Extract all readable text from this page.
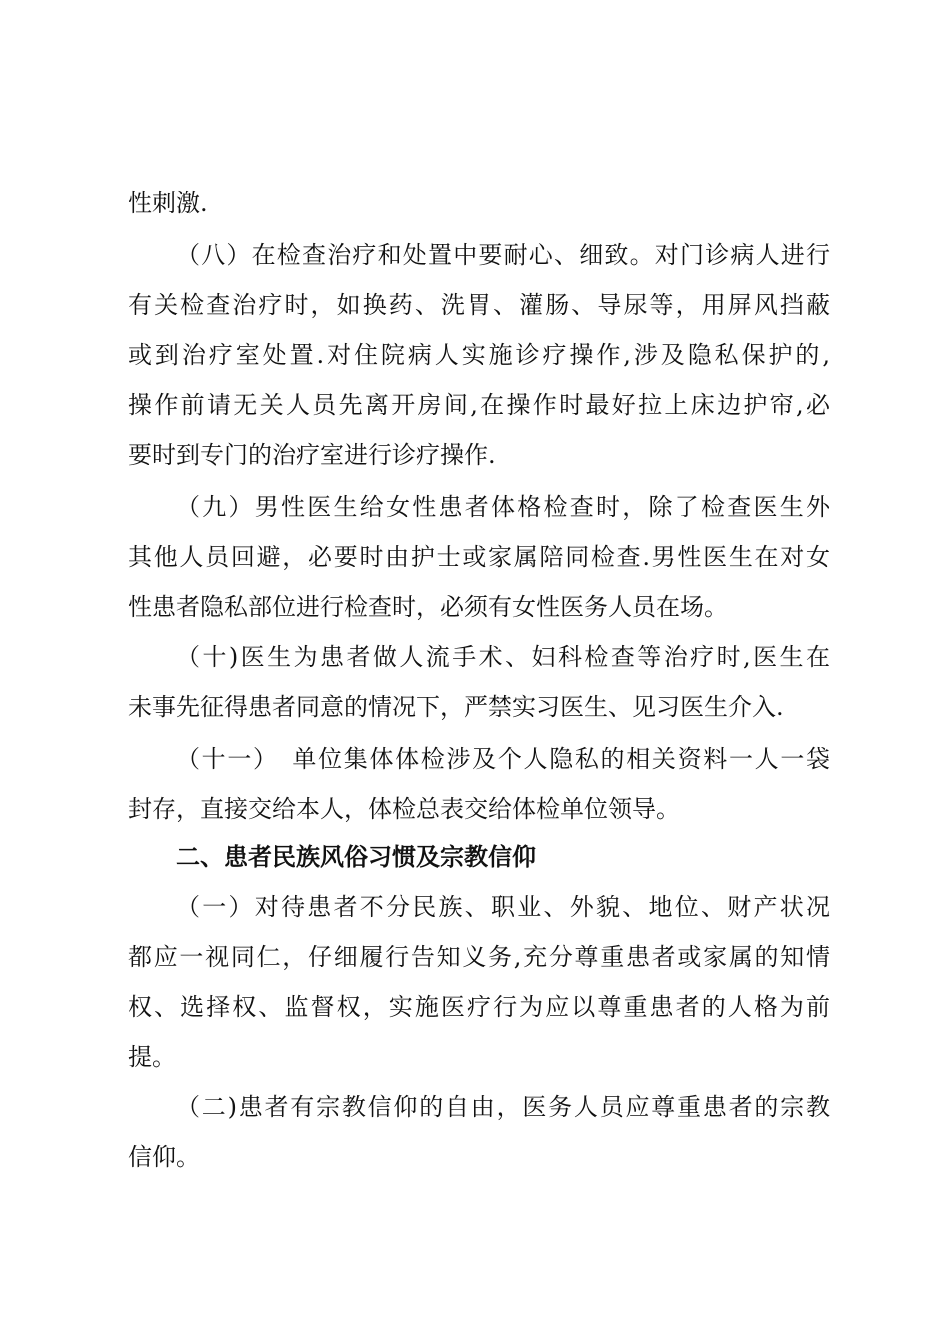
性刺激.
（八）在检查治疗和处置中要耐心、细致。对门诊病人进行
有关检查治疗时，如换药、洗胃、灌肠、导尿等，用屏风挡蔽
或到治疗室处置.对住院病人实施诊疗操作,涉及隐私保护的,
操作前请无关人员先离开房间,在操作时最好拉上床边护帘,必
要时到专门的治疗室进行诊疗操作.
（九）男性医生给女性患者体格检查时，除了检查医生外
其他人员回避，必要时由护士或家属陪同检查.男性医生在对女
性患者隐私部位进行检查时，必须有女性医务人员在场。
（十)医生为患者做人流手术、妇科检查等治疗时,医生在
未事先征得患者同意的情况下，严禁实习医生、见习医生介入.
（十一）　单位集体体检涉及个人隐私的相关资料一人一袋
封存，直接交给本人，体检总表交给体检单位领导。
二、患者民族风俗习惯及宗教信仰
（一）对待患者不分民族、职业、外貌、地位、财产状况
都应一视同仁，仔细履行告知义务,充分尊重患者或家属的知情
权、选择权、监督权，实施医疗行为应以尊重患者的人格为前
提。
（二)患者有宗教信仰的自由，医务人员应尊重患者的宗教
信仰。
